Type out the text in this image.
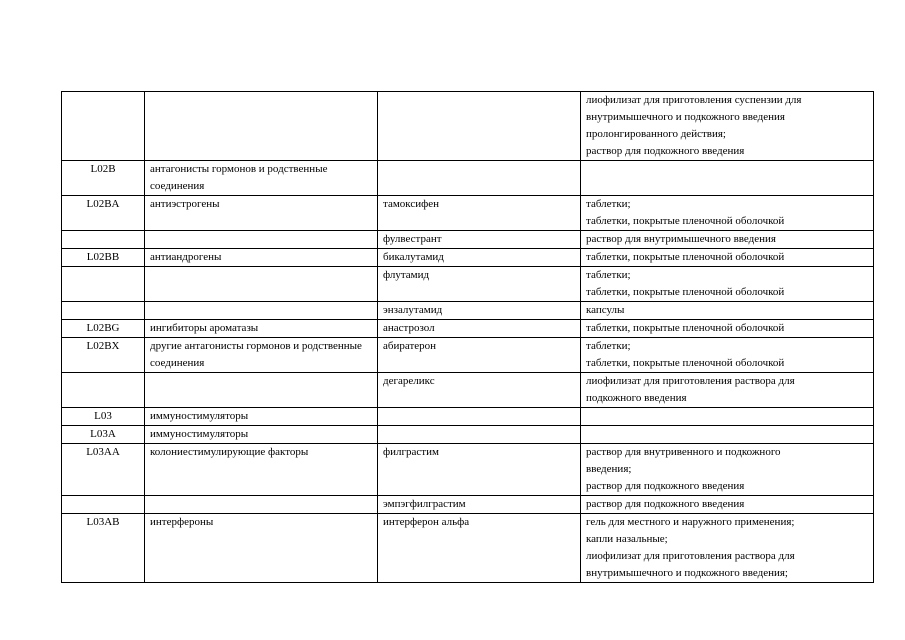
			лиофилизат для приготовления суспензии для
внутримышечного и подкожного введения
пролонгированного действия;
раствор для подкожного введения

L02B	антагонисты гормонов и родственные соединения		
L02BA	антиэстрогены	тамоксифен	таблетки;
таблетки, покрытые пленочной оболочкой

		фулвестрант	раствор для внутримышечного введения

L02BB	антиандрогены	бикалутамид	таблетки, покрытые пленочной оболочкой

		флутамид	таблетки;
таблетки, покрытые пленочной оболочкой

		энзалутамид	капсулы

L02BG	ингибиторы ароматазы	анастрозол	таблетки, покрытые пленочной оболочкой

L02BX	другие антагонисты гормонов и родственные соединения	абиратерон	таблетки;
таблетки, покрытые пленочной оболочкой

		дегареликс	лиофилизат для приготовления раствора для
подкожного введения

L03	иммуностимуляторы		
L03A	иммуностимуляторы		
L03AA	колониестимулирующие факторы	филграстим	раствор для внутривенного и подкожного
введения;
раствор для подкожного введения

		эмпэгфилграстим	раствор для подкожного введения

L03AB	интерфероны	интерферон альфа	гель для местного и наружного применения;
капли назальные;
лиофилизат для приготовления раствора для
внутримышечного и подкожного введения;
